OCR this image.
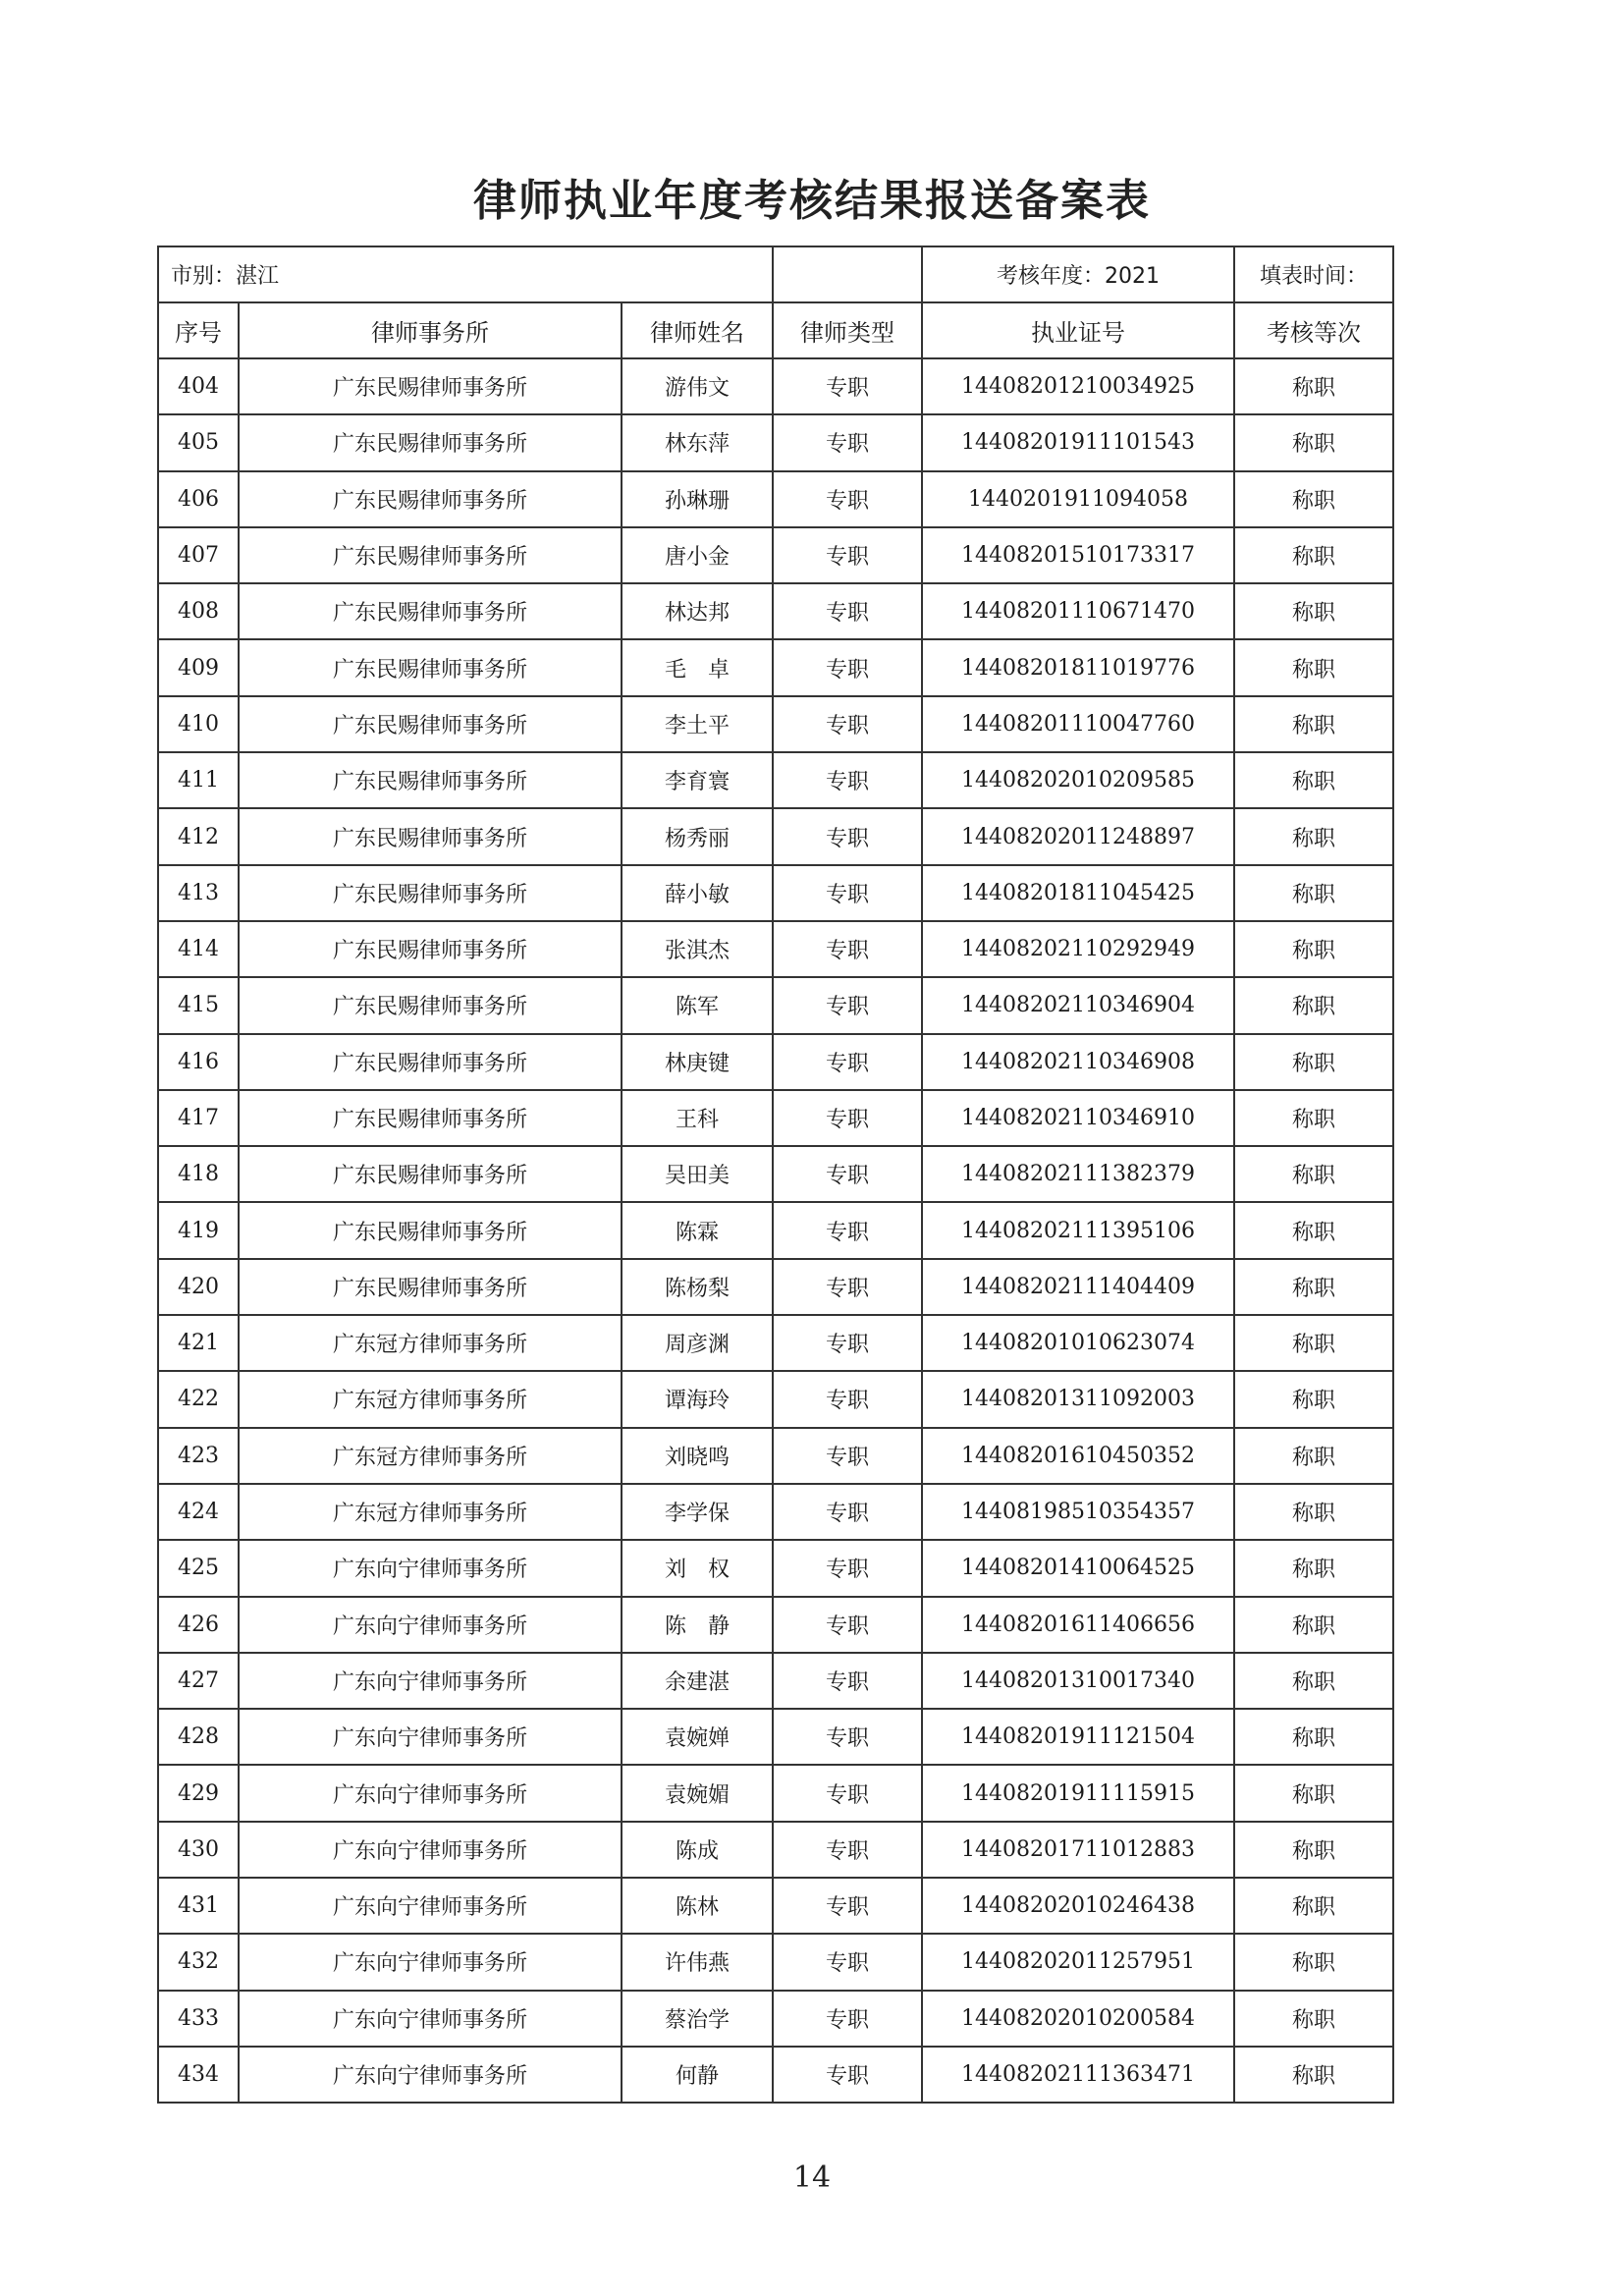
律师执业年度考核结果报送备案表
市别：湛江				考核年度：2021	填表时间：
序号	律师事务所	律师姓名	律师类型	执业证号	考核等次
404	广东民赐律师事务所	游伟文	专职	14408201210034925	称职
405	广东民赐律师事务所	林东萍	专职	14408201911101543	称职
406	广东民赐律师事务所	孙琳珊	专职	1440201911094058	称职
407	广东民赐律师事务所	唐小金	专职	14408201510173317	称职
408	广东民赐律师事务所	林达邦	专职	14408201110671470	称职
409	广东民赐律师事务所	毛　卓	专职	14408201811019776	称职
410	广东民赐律师事务所	李土平	专职	14408201110047760	称职
411	广东民赐律师事务所	李育寰	专职	14408202010209585	称职
412	广东民赐律师事务所	杨秀丽	专职	14408202011248897	称职
413	广东民赐律师事务所	薛小敏	专职	14408201811045425	称职
414	广东民赐律师事务所	张淇杰	专职	14408202110292949	称职
415	广东民赐律师事务所	陈军	专职	14408202110346904	称职
416	广东民赐律师事务所	林庚键	专职	14408202110346908	称职
417	广东民赐律师事务所	王科	专职	14408202110346910	称职
418	广东民赐律师事务所	吴田美	专职	14408202111382379	称职
419	广东民赐律师事务所	陈霖	专职	14408202111395106	称职
420	广东民赐律师事务所	陈杨梨	专职	14408202111404409	称职
421	广东冠方律师事务所	周彦渊	专职	14408201010623074	称职
422	广东冠方律师事务所	谭海玲	专职	14408201311092003	称职
423	广东冠方律师事务所	刘晓鸣	专职	14408201610450352	称职
424	广东冠方律师事务所	李学保	专职	14408198510354357	称职
425	广东向宁律师事务所	刘　权	专职	14408201410064525	称职
426	广东向宁律师事务所	陈　静	专职	14408201611406656	称职
427	广东向宁律师事务所	余建湛	专职	14408201310017340	称职
428	广东向宁律师事务所	袁婉婵	专职	14408201911121504	称职
429	广东向宁律师事务所	袁婉媚	专职	14408201911115915	称职
430	广东向宁律师事务所	陈成	专职	14408201711012883	称职
431	广东向宁律师事务所	陈林	专职	14408202010246438	称职
432	广东向宁律师事务所	许伟燕	专职	14408202011257951	称职
433	广东向宁律师事务所	蔡治学	专职	14408202010200584	称职
434	广东向宁律师事务所	何静	专职	14408202111363471	称职
14
